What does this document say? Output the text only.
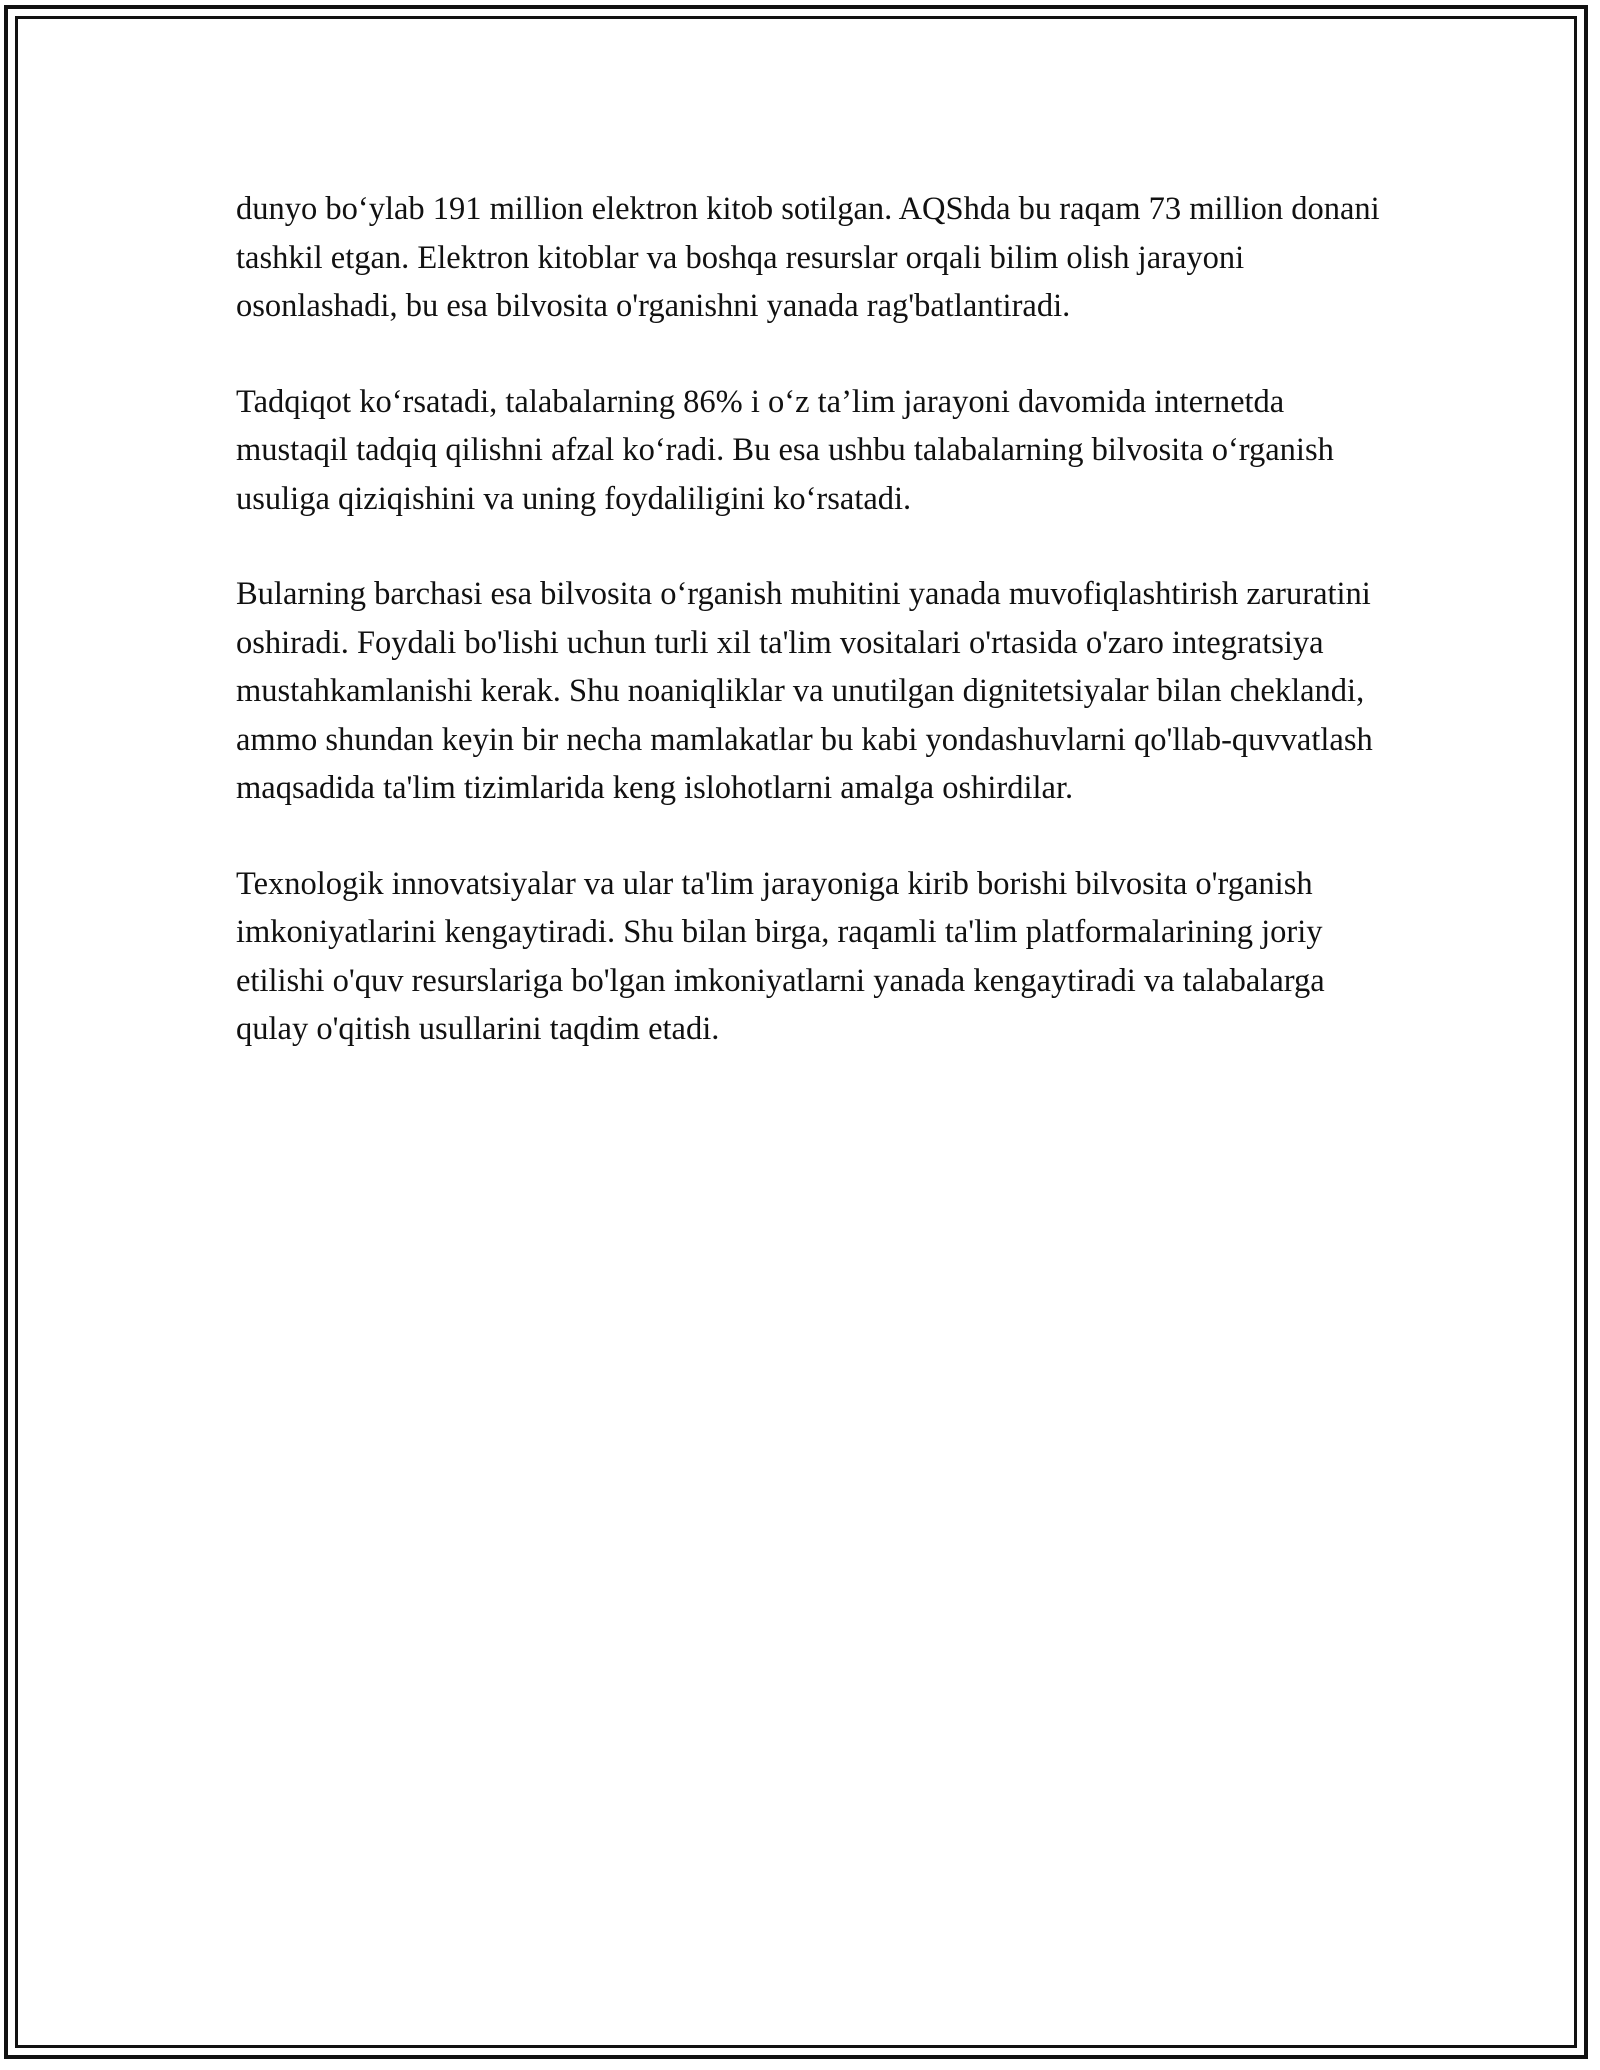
dunyo bo‘ylab 191 million elektron kitob sotilgan. AQShda bu raqam 73 million donani tashkil etgan. Elektron kitoblar va boshqa resurslar orqali bilim olish jarayoni osonlashadi, bu esa bilvosita o'rganishni yanada rag'batlantiradi.

Tadqiqot ko‘rsatadi, talabalarning 86% i o‘z ta’lim jarayoni davomida internetda mustaqil tadqiq qilishni afzal ko‘radi. Bu esa ushbu talabalarning bilvosita o‘rganish usuliga qiziqishini va uning foydaliligini ko‘rsatadi.

Bularning barchasi esa bilvosita o‘rganish muhitini yanada muvofiqlashtirish zaruratini oshiradi. Foydali bo'lishi uchun turli xil ta'lim vositalari o'rtasida o'zaro integratsiya mustahkamlanishi kerak. Shu noaniqliklar va unutilgan dignitetsiyalar bilan cheklandi, ammo shundan keyin bir necha mamlakatlar bu kabi yondashuvlarni qo'llab-quvvatlash maqsadida ta'lim tizimlarida keng islohotlarni amalga oshirdilar.

Texnologik innovatsiyalar va ular ta'lim jarayoniga kirib borishi bilvosita o'rganish imkoniyatlarini kengaytiradi. Shu bilan birga, raqamli ta'lim platformalarining joriy etilishi o'quv resurslariga bo'lgan imkoniyatlarni yanada kengaytiradi va talabalarga qulay o'qitish usullarini taqdim etadi.
